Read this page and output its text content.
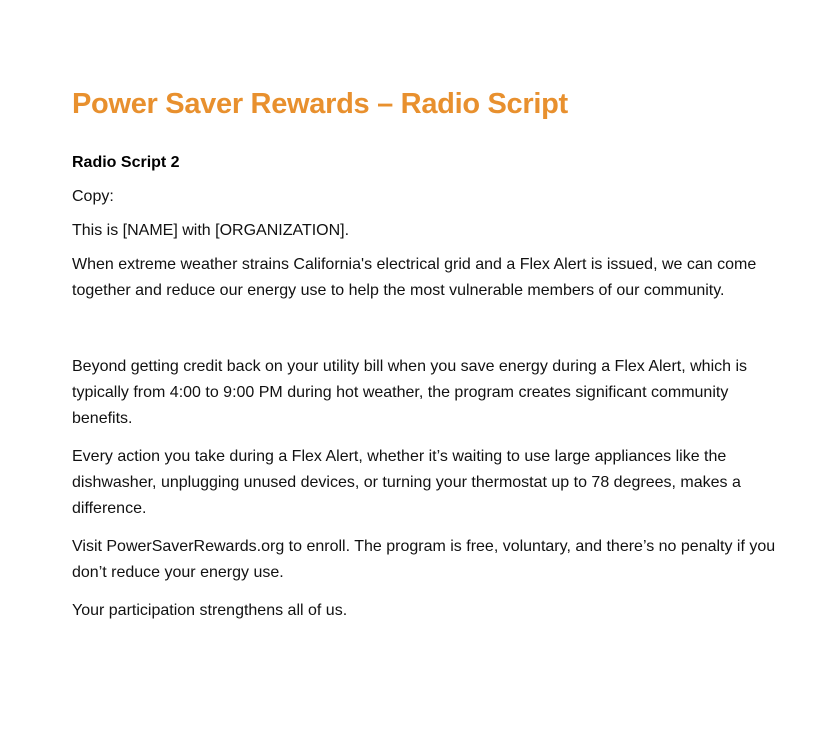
Power Saver Rewards – Radio Script

Radio Script 2

Copy:

This is [NAME] with [ORGANIZATION].

When extreme weather strains California's electrical grid and a Flex Alert is issued, we can come together and reduce our energy use to help the most vulnerable members of our community.

Beyond getting credit back on your utility bill when you save energy during a Flex Alert, which is typically from 4:00 to 9:00 PM during hot weather, the program creates significant community benefits.

Every action you take during a Flex Alert, whether it’s waiting to use large appliances like the dishwasher, unplugging unused devices, or turning your thermostat up to 78 degrees, makes a difference.

Visit PowerSaverRewards.org to enroll. The program is free, voluntary, and there’s no penalty if you don’t reduce your energy use.

Your participation strengthens all of us.
